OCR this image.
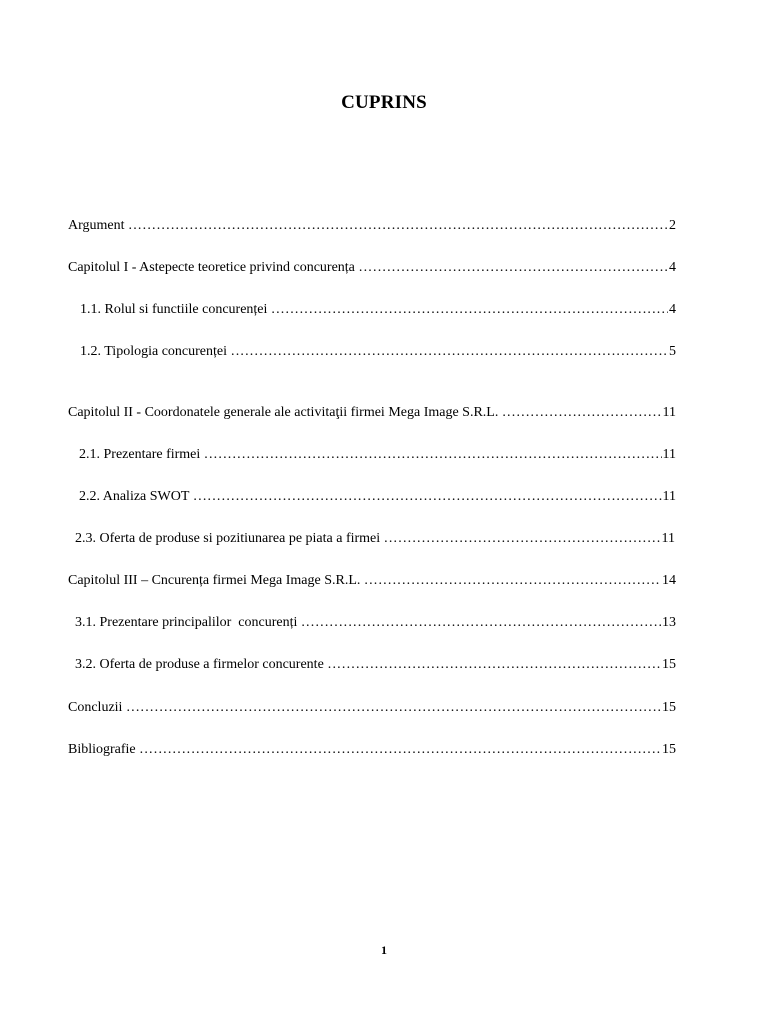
CUPRINS
Argument .....	2
Capitolul I - Astepecte teoretice privind concurența .....	4
1.1. Rolul si functiile concurenței .....	4
1.2. Tipologia concurenței .....	5
Capitolul II - Coordonatele generale ale activitaţii firmei Mega Image S.R.L. .....	11
2.1. Prezentare firmei .....	11
2.2. Analiza SWOT .....	11
2.3. Oferta de produse si pozitiunarea pe piata a firmei .....	11
Capitolul III – Cncurența firmei Mega Image S.R.L. .....	14
3.1. Prezentare principalilor  concurenți .....	13
3.2. Oferta de produse a firmelor concurente .....	15
Concluzii .....	15
Bibliografie .....	15
1
